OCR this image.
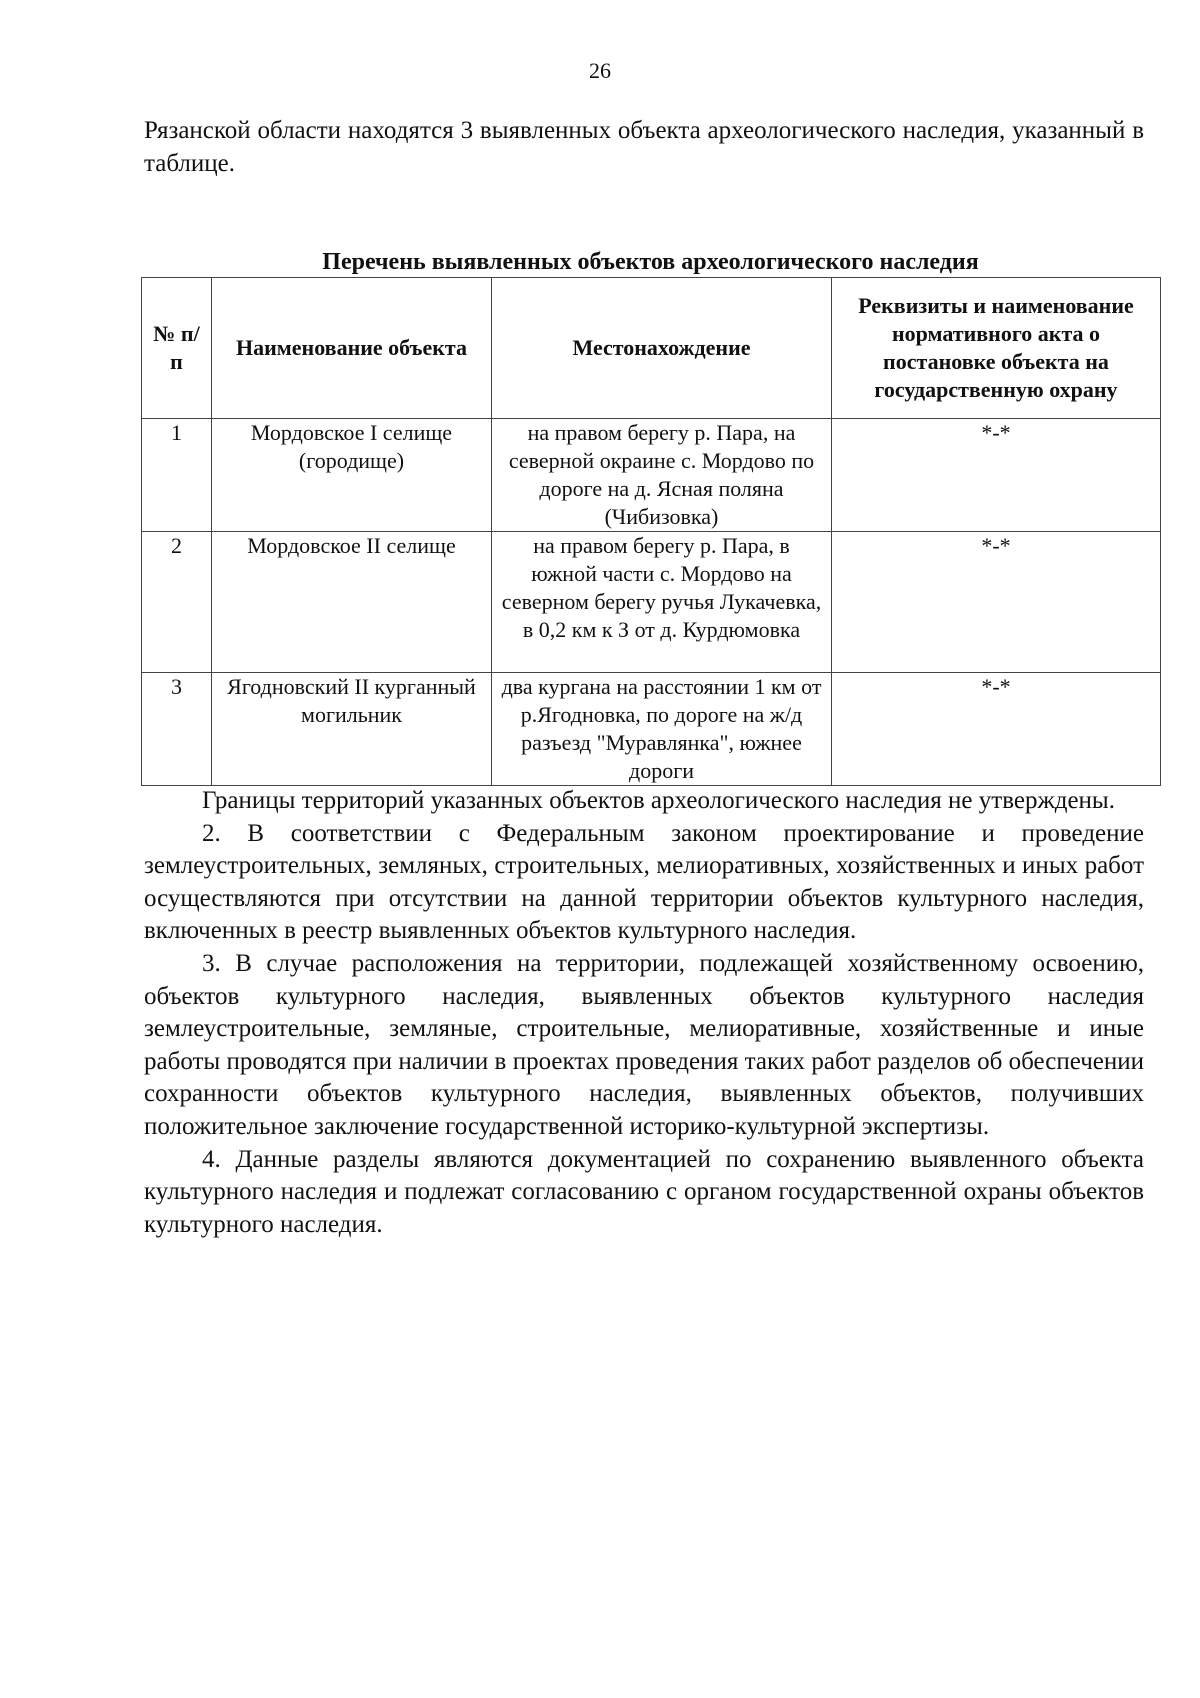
26
Рязанской области находятся 3 выявленных объекта археологического наследия, указанный в таблице.
Перечень выявленных объектов археологического наследия
№ п/п	Наименование объекта	Местонахождение	Реквизиты и наименование нормативного акта о постановке объекта на государственную охрану
1	Мордовское I селище (городище)	на правом берегу р. Пара, на северной окраине с. Мордово по дороге на д. Ясная поляна (Чибизовка)	*-*
2	Мордовское II селище	на правом берегу р. Пара, в южной части с. Мордово на северном берегу ручья Лукачевка, в 0,2 км к З от д. Курдюмовка	*-*
3	Ягодновский II курганный могильник	два кургана на расстоянии 1 км от р.Ягодновка, по дороге на ж/д разъезд "Муравлянка", южнее дороги	*-*

Границы территорий указанных объектов археологического наследия не утверждены.

2. В соответствии с Федеральным законом проектирование и проведение землеустроительных, земляных, строительных, мелиоративных, хозяйственных и иных работ осуществляются при отсутствии на данной территории объектов культурного наследия, включенных в реестр выявленных объектов культурного наследия.

3. В случае расположения на территории, подлежащей хозяйственному освоению, объектов культурного наследия, выявленных объектов культурного наследия землеустроительные, земляные, строительные, мелиоративные, хозяйственные и иные работы проводятся при наличии в проектах проведения таких работ разделов об обеспечении сохранности объектов культурного наследия, выявленных объектов, получивших положительное заключение государственной историко-культурной экспертизы.

4. Данные разделы являются документацией по сохранению выявленного объекта культурного наследия и подлежат согласованию с органом государственной охраны объектов культурного наследия.
